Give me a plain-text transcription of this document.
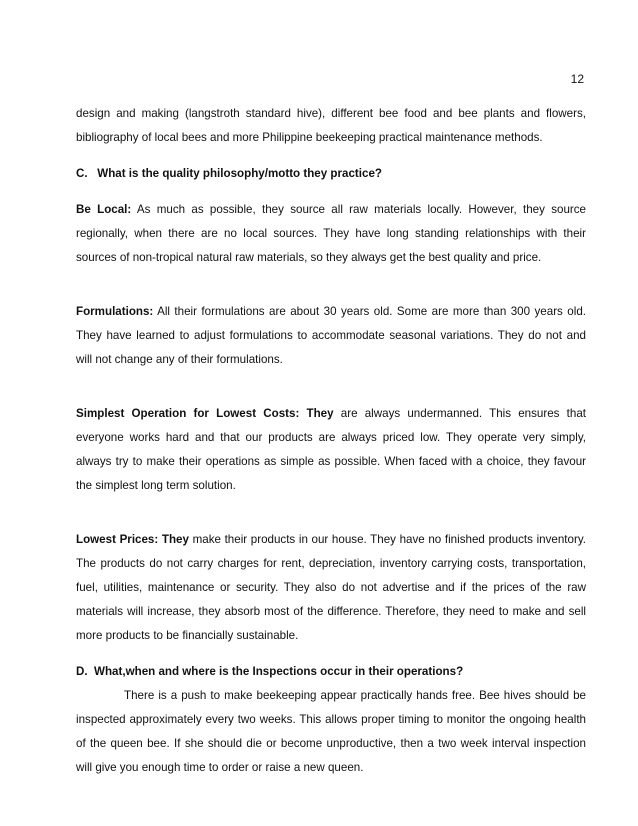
12

design and making (langstroth standard hive), different bee food and bee plants and flowers, bibliography of local bees and more Philippine beekeeping practical maintenance methods.

C.   What is the quality philosophy/motto they practice?

Be Local: As much as possible, they source all raw materials locally. However, they source regionally, when there are no local sources. They have long standing relationships with their sources of non-tropical natural raw materials, so they always get the best quality and price.

Formulations: All their formulations are about 30 years old. Some are more than 300 years old. They have learned to adjust formulations to accommodate seasonal variations. They do not and will not change any of their formulations.

Simplest Operation for Lowest Costs: They are always undermanned. This ensures that everyone works hard and that our products are always priced low. They operate very simply, always try to make their operations as simple as possible. When faced with a choice, they favour the simplest long term solution.

Lowest Prices: They make their products in our house. They have no finished products inventory. The products do not carry charges for rent, depreciation, inventory carrying costs, transportation, fuel, utilities, maintenance or security. They also do not advertise and if the prices of the raw materials will increase, they absorb most of the difference. Therefore, they need to make and sell more products to be financially sustainable.

D.  What,when and where is the Inspections occur in their operations?

There is a push to make beekeeping appear practically hands free. Bee hives should be inspected approximately every two weeks. This allows proper timing to monitor the ongoing health of the queen bee. If she should die or become unproductive, then a two week interval inspection will give you enough time to order or raise a new queen.
